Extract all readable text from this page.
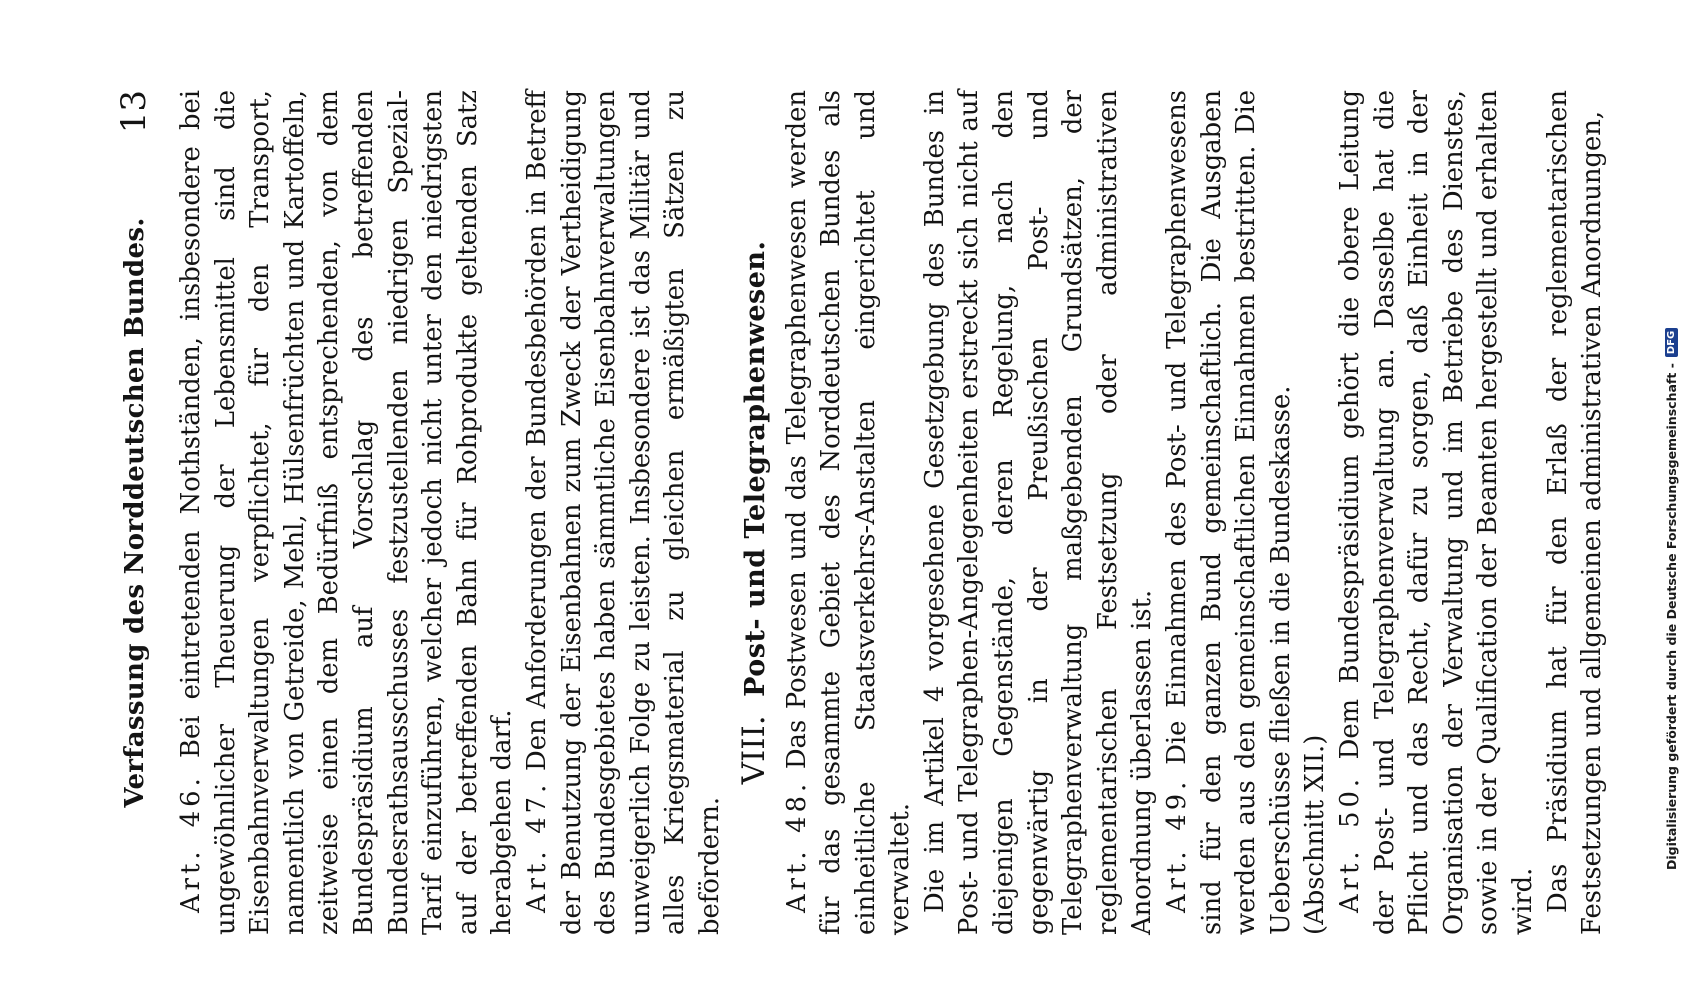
Verfassung des Norddeutschen Bundes.
13

Art. 46. Bei eintretenden Nothständen, insbesondere bei ungewöhnlicher Theuerung der Lebensmittel sind die Eisenbahnverwaltungen verpflichtet, für den Transport, namentlich von Getreide, Mehl, Hülsenfrüchten und Kartoffeln, zeitweise einen dem Bedürfniß entsprechenden, von dem Bundespräsidium auf Vorschlag des betreffenden Bundesrathsausschusses festzustellenden niedrigen Spezial-Tarif einzuführen, welcher jedoch nicht unter den niedrigsten auf der betreffenden Bahn für Rohprodukte geltenden Satz herabgehen darf. Art. 47. Den Anforderungen der Bundesbehörden in Betreff der Benutzung der Eisenbahnen zum Zweck der Vertheidigung des Bundesgebietes haben sämmtliche Eisenbahnverwaltungen unweigerlich Folge zu leisten. Insbesondere ist das Militär und alles Kriegsmaterial zu gleichen ermäßigten Sätzen zu befördern.

VIII. Post- und Telegraphenwesen.

Art. 48. Das Postwesen und das Telegraphenwesen werden für das gesammte Gebiet des Norddeutschen Bundes als einheitliche Staatsverkehrs-Anstalten eingerichtet und verwaltet. Die im Artikel 4 vorgesehene Gesetzgebung des Bundes in Post- und Telegraphen-Angelegenheiten erstreckt sich nicht auf diejenigen Gegenstände, deren Regelung, nach den gegenwärtig in der Preußischen Post- und Telegraphenverwaltung maßgebenden Grundsätzen, der reglementarischen Festsetzung oder administrativen Anordnung überlassen ist. Art. 49. Die Einnahmen des Post- und Telegraphenwesens sind für den ganzen Bund gemeinschaftlich. Die Ausgaben werden aus den gemeinschaftlichen Einnahmen bestritten. Die Ueberschüsse fließen in die Bundeskasse. (Abschnitt XII.) Art. 50. Dem Bundespräsidium gehört die obere Leitung der Post- und Telegraphenverwaltung an. Dasselbe hat die Pflicht und das Recht, dafür zu sorgen, daß Einheit in der Organisation der Verwaltung und im Betriebe des Dienstes, sowie in der Qualification der Beamten hergestellt und erhalten wird. Das Präsidium hat für den Erlaß der reglementarischen Festsetzungen und allgemeinen administrativen Anordnungen,	Digitalisierung gefördert durch die Deutsche Forschungsgemeinschaft -
DFG
